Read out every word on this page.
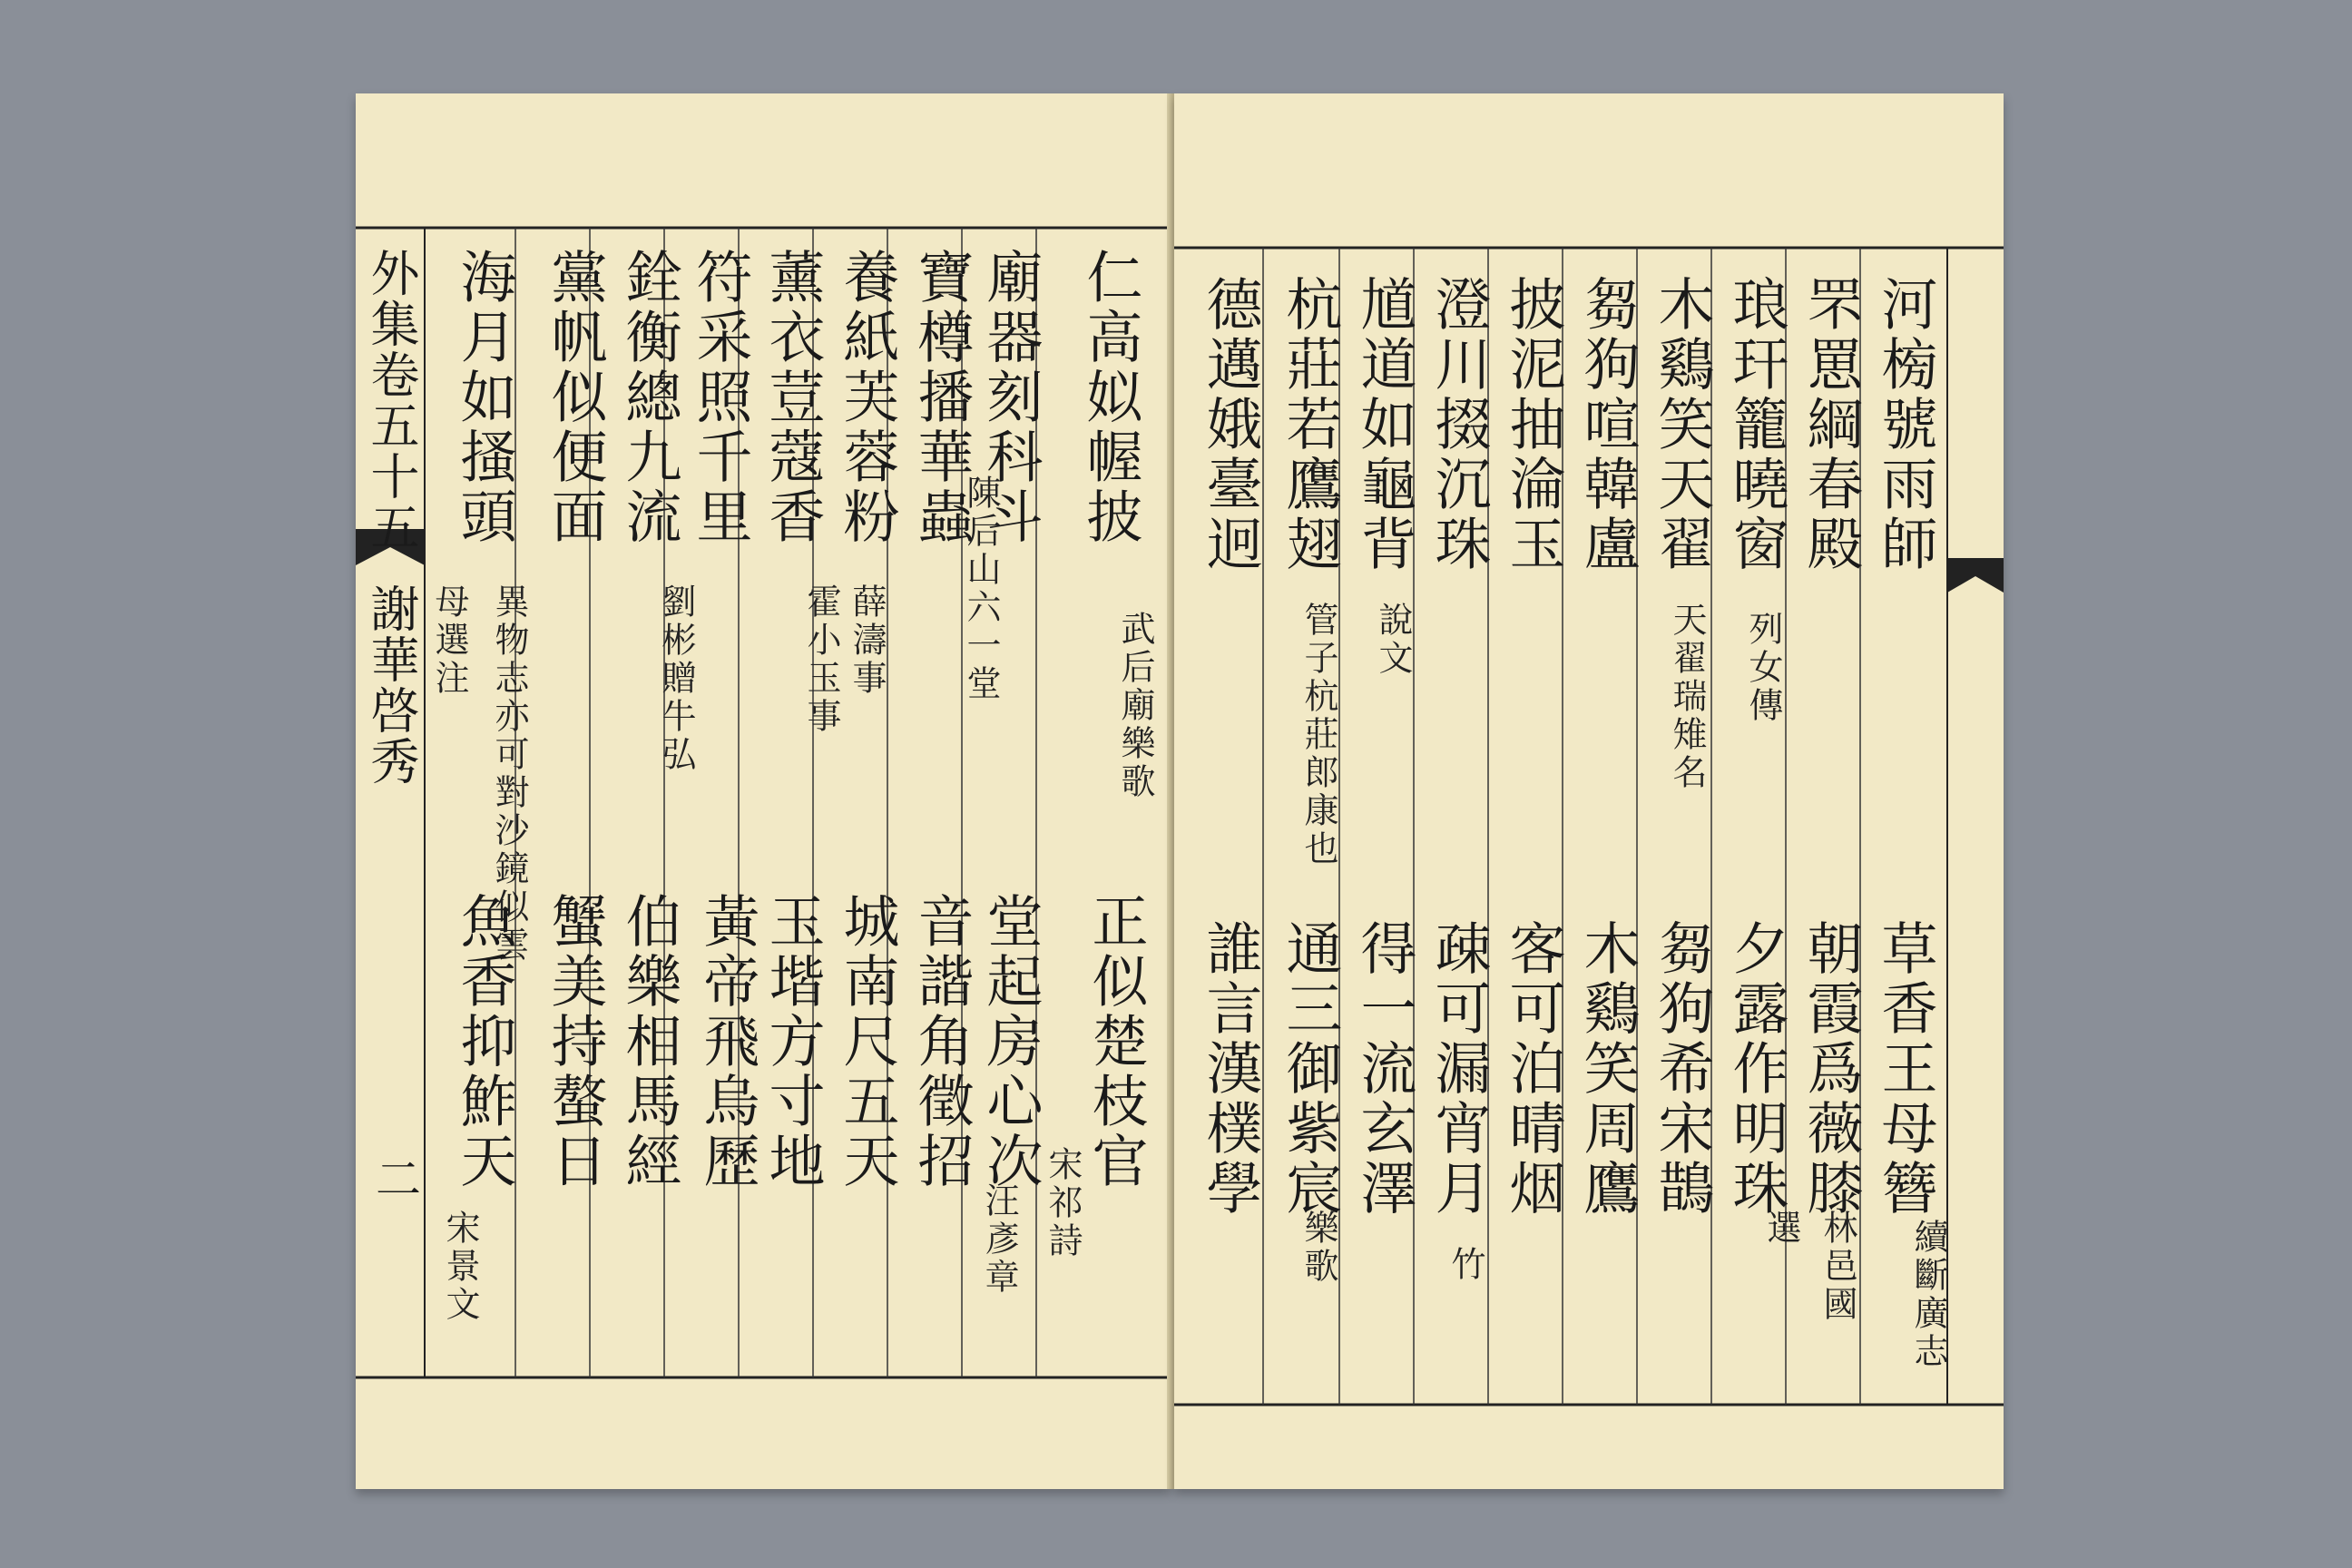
外集卷五十五
謝華啓秀
二
仁高姒幄披
武后廟樂歌
正似楚枝官
宋祁詩
廟器刻科斗
堂起房心次
寶樽播華蟲
陳后山六一堂
音諧角徵招
汪彥章
養紙芙蓉粉
薛濤事
城南尺五天
薰衣荳蔻香
霍小玉事
玉堦方寸地
符采照千里
黃帝飛烏歷
銓衡總九流
劉彬贈牛弘
伯樂相馬經
黨帆似便面
蟹美持螯日
海月如搔頭
異物志亦可對沙鏡似雲
魚香抑鮓天
宋景文
母選注
河㮄號雨師
草香王母簪
續斷廣志
罘罳綱春殿
朝霞爲薇膝
林邑國
琅玕籠曉窗
列女傳
夕露作明珠
選
木鷄笑天翟
天翟瑞雉名
芻狗希宋鵲
芻狗喧韓盧
木鷄笑周鷹
披泥抽淪玉
客可泊晴烟
澄川掇沉珠
疎可漏宵月
竹
馗道如龜背
說文
得一流玄澤
杭莊若鷹翅
管子杭莊郎康也
通三御紫宸
樂歌
德邁娥臺迥
誰言漢樸學
